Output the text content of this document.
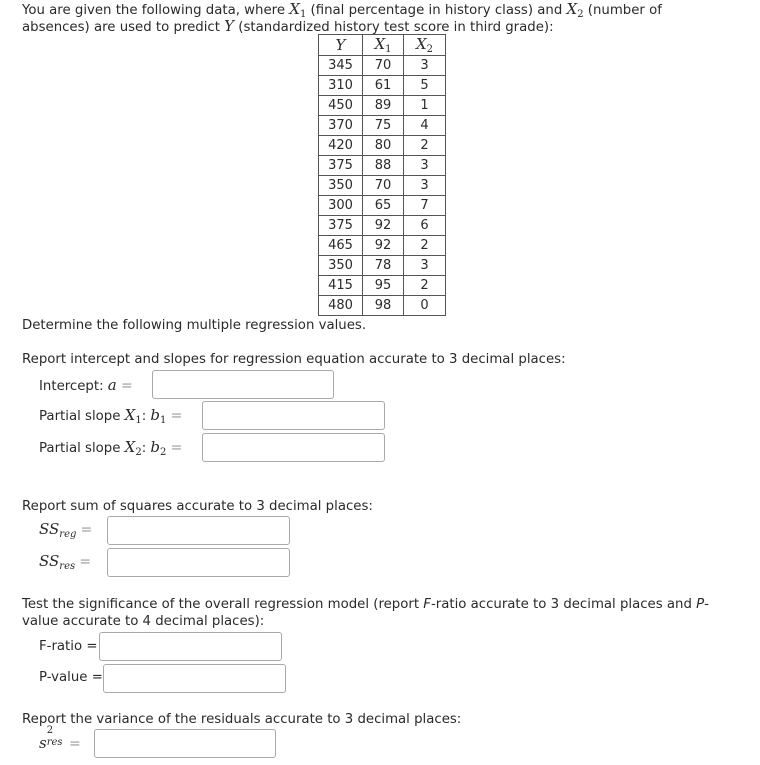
You are given the following data, where $X_1$ (final percentage in history class) and $X_2$ (number of
absences) are used to predict Y (standardized history test score in third grade):
Y	$X_1$	$X_2$
345	70	3
310	61	5
450	89	1
370	75	4
420	80	2
375	88	3
350	70	3
300	65	7
375	92	6
465	92	2
350	78	3
415	95	2
480	98	0
Determine the following multiple regression values.
Report intercept and slopes for regression equation accurate to 3 decimal places:
Intercept: a =
Partial slope $X_1$: $b_1$ =
Partial slope $X_2$: $b_2$ =
Report sum of squares accurate to 3 decimal places:
$SS_{reg}$ =
$SS_{res}$ =
Test the significance of the overall regression model (report F-ratio accurate to 3 decimal places and P-
value accurate to 4 decimal places):
F-ratio =
P-value =
Report the variance of the residuals accurate to 3 decimal places:
s
2
res =
